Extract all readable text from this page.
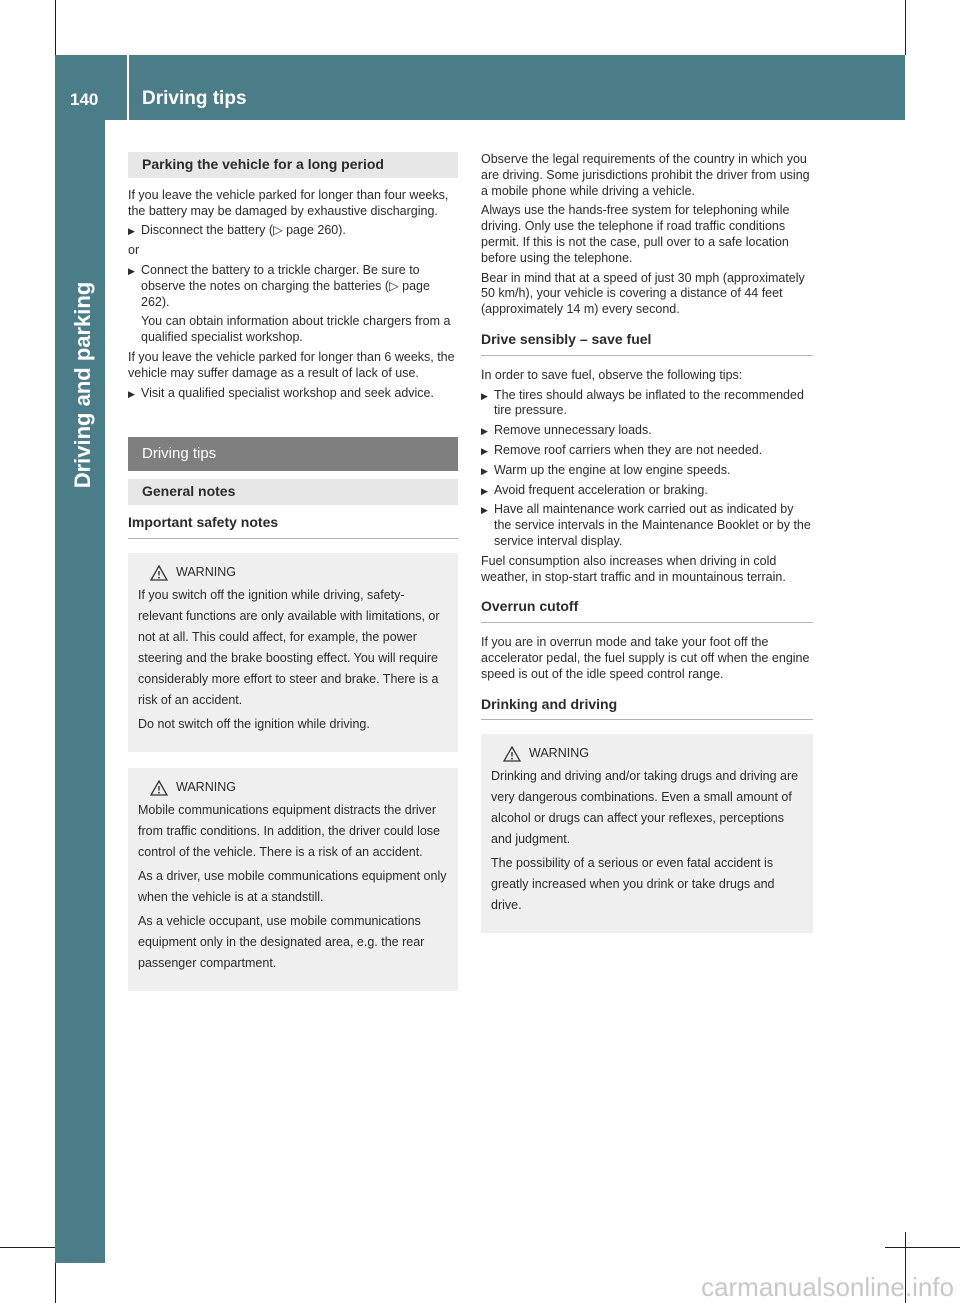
140 Driving tips
Driving and parking
Parking the vehicle for a long period

If you leave the vehicle parked for longer than four weeks, the battery may be damaged by exhaustive discharging.

▶ Disconnect the battery (▷ page 260).

or

▶ Connect the battery to a trickle charger. Be sure to observe the notes on charging the batteries (▷ page 262).
You can obtain information about trickle chargers from a qualified specialist workshop.

If you leave the vehicle parked for longer than 6 weeks, the vehicle may suffer damage as a result of lack of use.

▶ Visit a qualified specialist workshop and seek advice.
Driving tips
General notes
Important safety notes
WARNING

If you switch off the ignition while driving, safety-relevant functions are only available with limitations, or not at all. This could affect, for example, the power steering and the brake boosting effect. You will require considerably more effort to steer and brake. There is a risk of an accident.

Do not switch off the ignition while driving.

WARNING

Mobile communications equipment distracts the driver from traffic conditions. In addition, the driver could lose control of the vehicle. There is a risk of an accident.

As a driver, use mobile communications equipment only when the vehicle is at a standstill.

As a vehicle occupant, use mobile communications equipment only in the designated area, e.g. the rear passenger compartment.

Observe the legal requirements of the country in which you are driving. Some jurisdictions prohibit the driver from using a mobile phone while driving a vehicle.

Always use the hands-free system for telephoning while driving. Only use the telephone if road traffic conditions permit. If this is not the case, pull over to a safe location before using the telephone.

Bear in mind that at a speed of just 30 mph (approximately 50 km/h), your vehicle is covering a distance of 44 feet (approximately 14 m) every second.

Drive sensibly – save fuel

In order to save fuel, observe the following tips:

▶ The tires should always be inflated to the recommended tire pressure.
▶ Remove unnecessary loads.
▶ Remove roof carriers when they are not needed.
▶ Warm up the engine at low engine speeds.
▶ Avoid frequent acceleration or braking.
▶ Have all maintenance work carried out as indicated by the service intervals in the Maintenance Booklet or by the service interval display.

Fuel consumption also increases when driving in cold weather, in stop-start traffic and in mountainous terrain.

Overrun cutoff

If you are in overrun mode and take your foot off the accelerator pedal, the fuel supply is cut off when the engine speed is out of the idle speed control range.

Drinking and driving
WARNING

Drinking and driving and/or taking drugs and driving are very dangerous combinations. Even a small amount of alcohol or drugs can affect your reflexes, perceptions and judgment.

The possibility of a serious or even fatal accident is greatly increased when you drink or take drugs and drive.

carmanualsonline.info
